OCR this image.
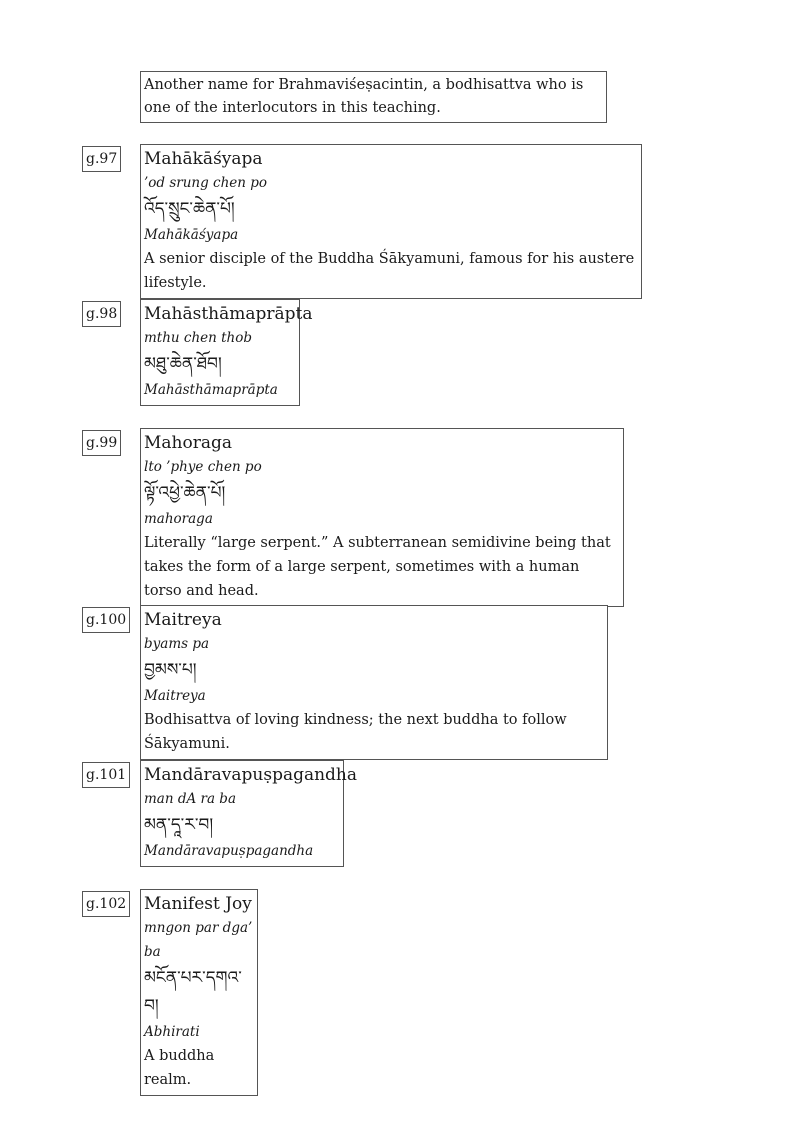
Another name for Brahmaviśeṣacintin, a bodhisattva who is one of the interlocutors in this teaching.
g.97 Mahākāśyapa
’od srung chen po
འོད་སྲུང་ཆེན་པོ།
Mahākāśyapa
A senior disciple of the Buddha Śākyamuni, famous for his austere lifestyle.
g.98 Mahāsthāmaprāpta
mthu chen thob
མཐུ་ཆེན་ཐོབ།
Mahāsthāmaprāpta
g.99 Mahoraga
lto ’phye chen po
ལྟོ་འཕྱེ་ཆེན་པོ།
mahoraga
Literally “large serpent.” A subterranean semidivine being that takes the form of a large serpent, sometimes with a human torso and head.
g.100 Maitreya
byams pa
བྱམས་པ།
Maitreya
Bodhisattva of loving kindness; the next buddha to follow Śākyamuni.
g.101 Mandāravapuṣpagandha
man dA ra ba
མན་དཱ་ར་བ།
Mandāravapuṣpagandha
g.102 Manifest Joy
mngon par dga’ ba
མངོན་པར་དགའ་བ།
Abhirati
A buddha realm.
